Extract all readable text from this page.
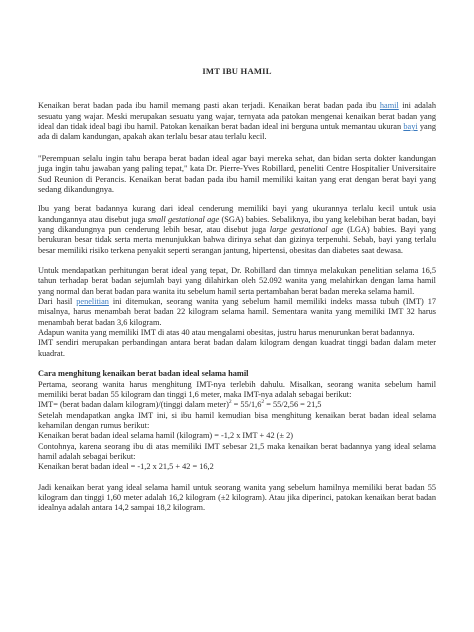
IMT IBU HAMIL

Kenaikan berat badan pada ibu hamil memang pasti akan terjadi. Kenaikan berat badan pada ibu hamil ini adalah sesuatu yang wajar. Meski merupakan sesuatu yang wajar, ternyata ada patokan mengenai kenaikan berat badan yang ideal dan tidak ideal bagi ibu hamil. Patokan kenaikan berat badan ideal ini berguna untuk memantau ukuran bayi yang ada di dalam kandungan, apakah akan terlalu besar atau terlalu kecil.

"Perempuan selalu ingin tahu berapa berat badan ideal agar bayi mereka sehat, dan bidan serta dokter kandungan juga ingin tahu jawaban yang paling tepat," kata Dr. Pierre-Yves Robillard, peneliti Centre Hospitalier Universitaire Sud Reunion di Perancis. Kenaikan berat badan pada ibu hamil memiliki kaitan yang erat dengan berat bayi yang sedang dikandungnya.

Ibu yang berat badannya kurang dari ideal cenderung memiliki bayi yang ukurannya terlalu kecil untuk usia kandungannya atau disebut juga small gestational age (SGA) babies. Sebaliknya, ibu yang kelebihan berat badan, bayi yang dikandungnya pun cenderung lebih besar, atau disebut juga large gestational age (LGA) babies. Bayi yang berukuran besar tidak serta merta menunjukkan bahwa dirinya sehat dan gizinya terpenuhi. Sebab, bayi yang terlalu besar memiliki risiko terkena penyakit seperti serangan jantung, hipertensi, obesitas dan diabetes saat dewasa.

Untuk mendapatkan perhitungan berat ideal yang tepat, Dr. Robillard dan timnya melakukan penelitian selama 16,5 tahun terhadap berat badan sejumlah bayi yang dilahirkan oleh 52.092 wanita yang melahirkan dengan lama hamil yang normal dan berat badan para wanita itu sebelum hamil serta pertambahan berat badan mereka selama hamil.

Dari hasil penelitian ini ditemukan, seorang wanita yang sebelum hamil memiliki indeks massa tubuh (IMT) 17 misalnya, harus menambah berat badan 22 kilogram selama hamil. Sementara wanita yang memiliki IMT 32 harus menambah berat badan 3,6 kilogram.

Adapun wanita yang memiliki IMT di atas 40 atau mengalami obesitas, justru harus menurunkan berat badannya.

IMT sendiri merupakan perbandingan antara berat badan dalam kilogram dengan kuadrat tinggi badan dalam meter kuadrat.

Cara menghitung kenaikan berat badan ideal selama hamil

Pertama, seorang wanita harus menghitung IMT-nya terlebih dahulu. Misalkan, seorang wanita sebelum hamil memiliki berat badan 55 kilogram dan tinggi 1,6 meter, maka IMT-nya adalah sebagai berikut:

IMT= (berat badan dalam kilogram)/(tinggi dalam meter)$^2$ = $55/1,6^2 = 55/2,56 = 21,5$

Setelah mendapatkan angka IMT ini, si ibu hamil kemudian bisa menghitung kenaikan berat badan ideal selama kehamilan dengan rumus berikut:

Kenaikan berat badan ideal selama hamil (kilogram) = -1,2 x IMT + 42 (± 2)

Contohnya, karena seorang ibu di atas memiliki IMT sebesar 21,5 maka kenaikan berat badannya yang ideal selama hamil adalah sebagai berikut:

Kenaikan berat badan ideal = -1,2 x 21,5 + 42 = 16,2

Jadi kenaikan berat yang ideal selama hamil untuk seorang wanita yang sebelum hamilnya memiliki berat badan 55 kilogram dan tinggi 1,60 meter adalah 16,2 kilogram (±2 kilogram). Atau jika diperinci, patokan kenaikan berat badan idealnya adalah antara 14,2 sampai 18,2 kilogram.
